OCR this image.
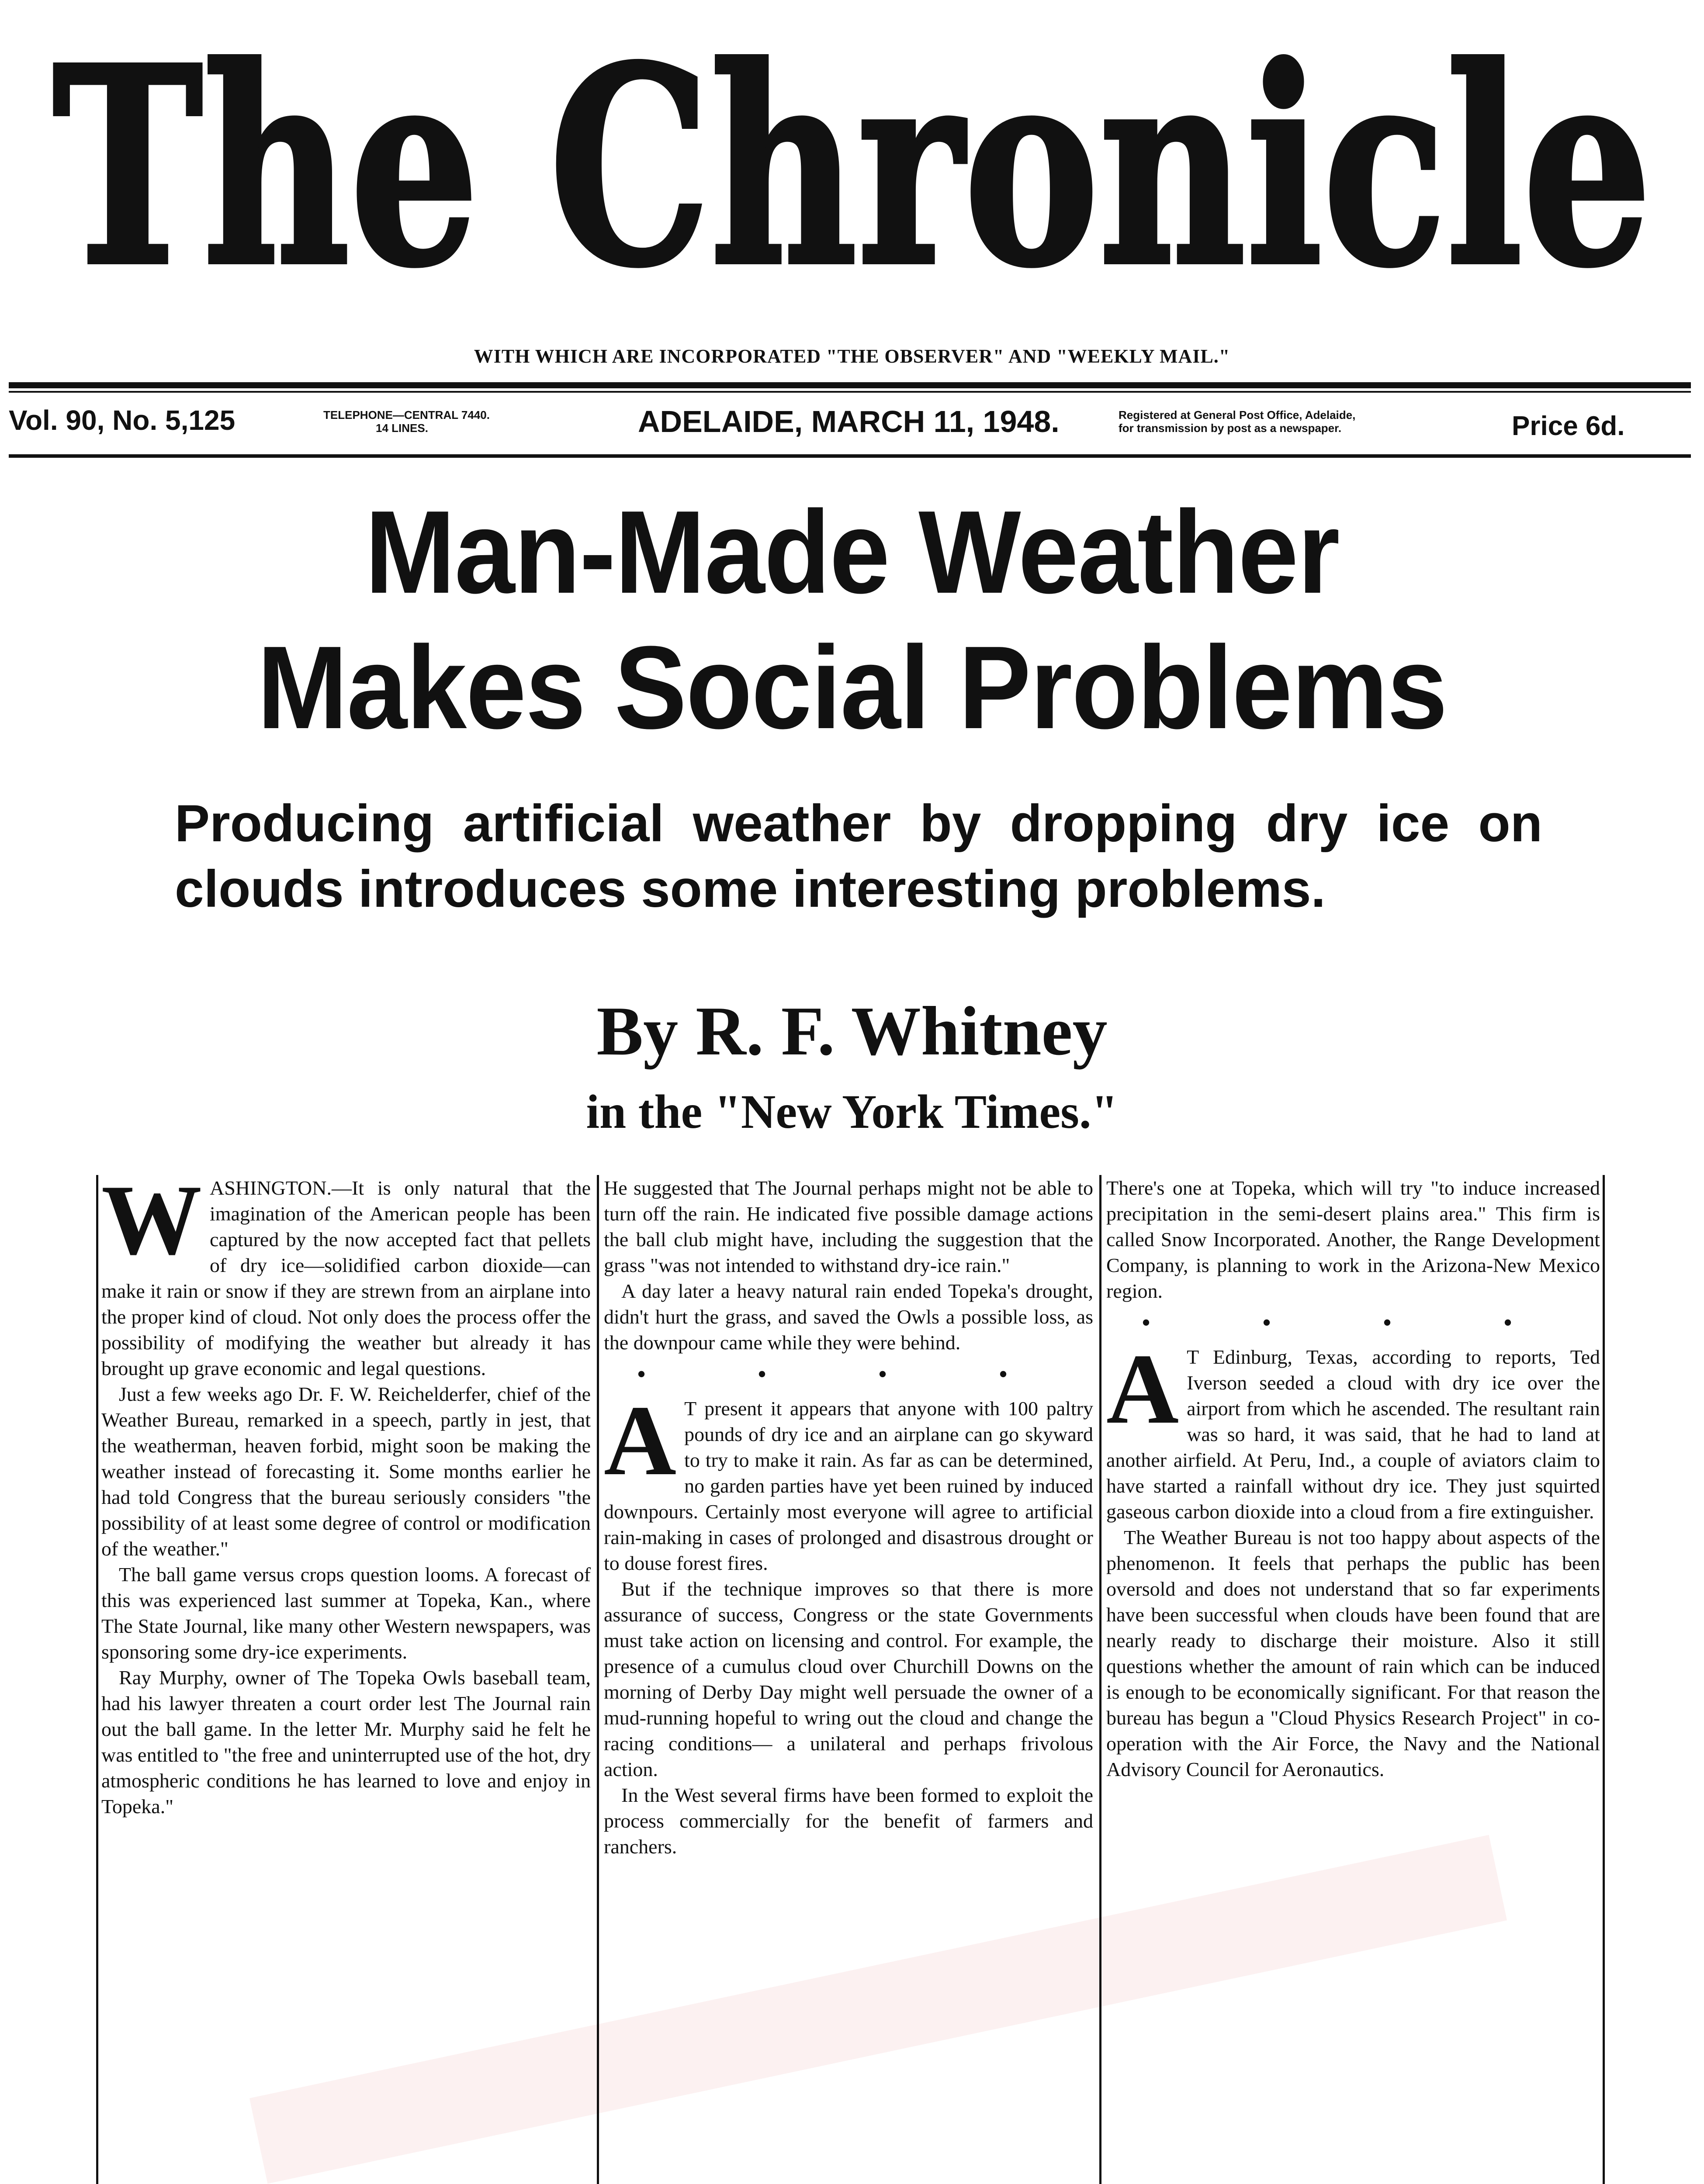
The Chronicle
WITH WHICH ARE INCORPORATED "THE OBSERVER" AND "WEEKLY MAIL."
Vol. 90, No. 5,125	TELEPHONE—CENTRAL 7440.
14 LINES.	ADELAIDE, MARCH 11, 1948.	Registered at General Post Office, Adelaide,
for transmission by post as a newspaper.	Price 6d.
Man-Made Weather
Makes Social Problems
Producing artificial weather by dropping dry ice on clouds introduces some interesting problems.
By R. F. Whitney
in the "New York Times."
W ASHINGTON.—It is only natural that the imagination of the American people has been captured by the now accepted fact that pellets of dry ice—solidified carbon dioxide—can make it rain or snow if they are strewn from an airplane into the proper kind of cloud. Not only does the process offer the possibility of modifying the weather but already it has brought up grave economic and legal questions.

Just a few weeks ago Dr. F. W. Reichelderfer, chief of the Weather Bureau, remarked in a speech, partly in jest, that the weatherman, heaven forbid, might soon be making the weather instead of forecasting it. Some months earlier he had told Congress that the bureau seriously considers "the possibility of at least some degree of control or modification of the weather."

The ball game versus crops question looms. A forecast of this was experienced last summer at Topeka, Kan., where The State Journal, like many other Western newspapers, was sponsoring some dry-ice experiments.

Ray Murphy, owner of The Topeka Owls baseball team, had his lawyer threaten a court order lest The Journal rain out the ball game. In the letter Mr. Murphy said he felt he was entitled to "the free and uninterrupted use of the hot, dry atmospheric conditions he has learned to love and enjoy in Topeka."

He suggested that The Journal perhaps might not be able to turn off the rain. He indicated five possible damage actions the ball club might have, including the suggestion that the grass "was not intended to withstand dry-ice rain."

A day later a heavy natural rain ended Topeka's drought, didn't hurt the grass, and saved the Owls a possible loss, as the downpour came while they were behind.

• • • •
A T present it appears that anyone with 100 paltry pounds of dry ice and an airplane can go skyward to try to make it rain. As far as can be determined, no garden parties have yet been ruined by induced downpours. Certainly most everyone will agree to artificial rain-making in cases of prolonged and disastrous drought or to douse forest fires.

But if the technique improves so that there is more assurance of success, Congress or the state Governments must take action on licensing and control. For example, the presence of a cumulus cloud over Churchill Downs on the morning of Derby Day might well persuade the owner of a mud-running hopeful to wring out the cloud and change the racing conditions— a unilateral and perhaps frivolous action.

In the West several firms have been formed to exploit the process commercially for the benefit of farmers and ranchers.

There's one at Topeka, which will try "to induce increased precipitation in the semi-desert plains area." This firm is called Snow Incorporated. Another, the Range Development Company, is planning to work in the Arizona-New Mexico region.

• • • •
A T Edinburg, Texas, according to reports, Ted Iverson seeded a cloud with dry ice over the airport from which he ascended. The resultant rain was so hard, it was said, that he had to land at another airfield. At Peru, Ind., a couple of aviators claim to have started a rainfall without dry ice. They just squirted gaseous carbon dioxide into a cloud from a fire extinguisher.

The Weather Bureau is not too happy about aspects of the phenomenon. It feels that perhaps the public has been oversold and does not understand that so far experiments have been successful when clouds have been found that are nearly ready to discharge their moisture. Also it still questions whether the amount of rain which can be induced is enough to be economically significant. For that reason the bureau has begun a "Cloud Physics Research Project" in co-operation with the Air Force, the Navy and the National Advisory Council for Aeronautics.
